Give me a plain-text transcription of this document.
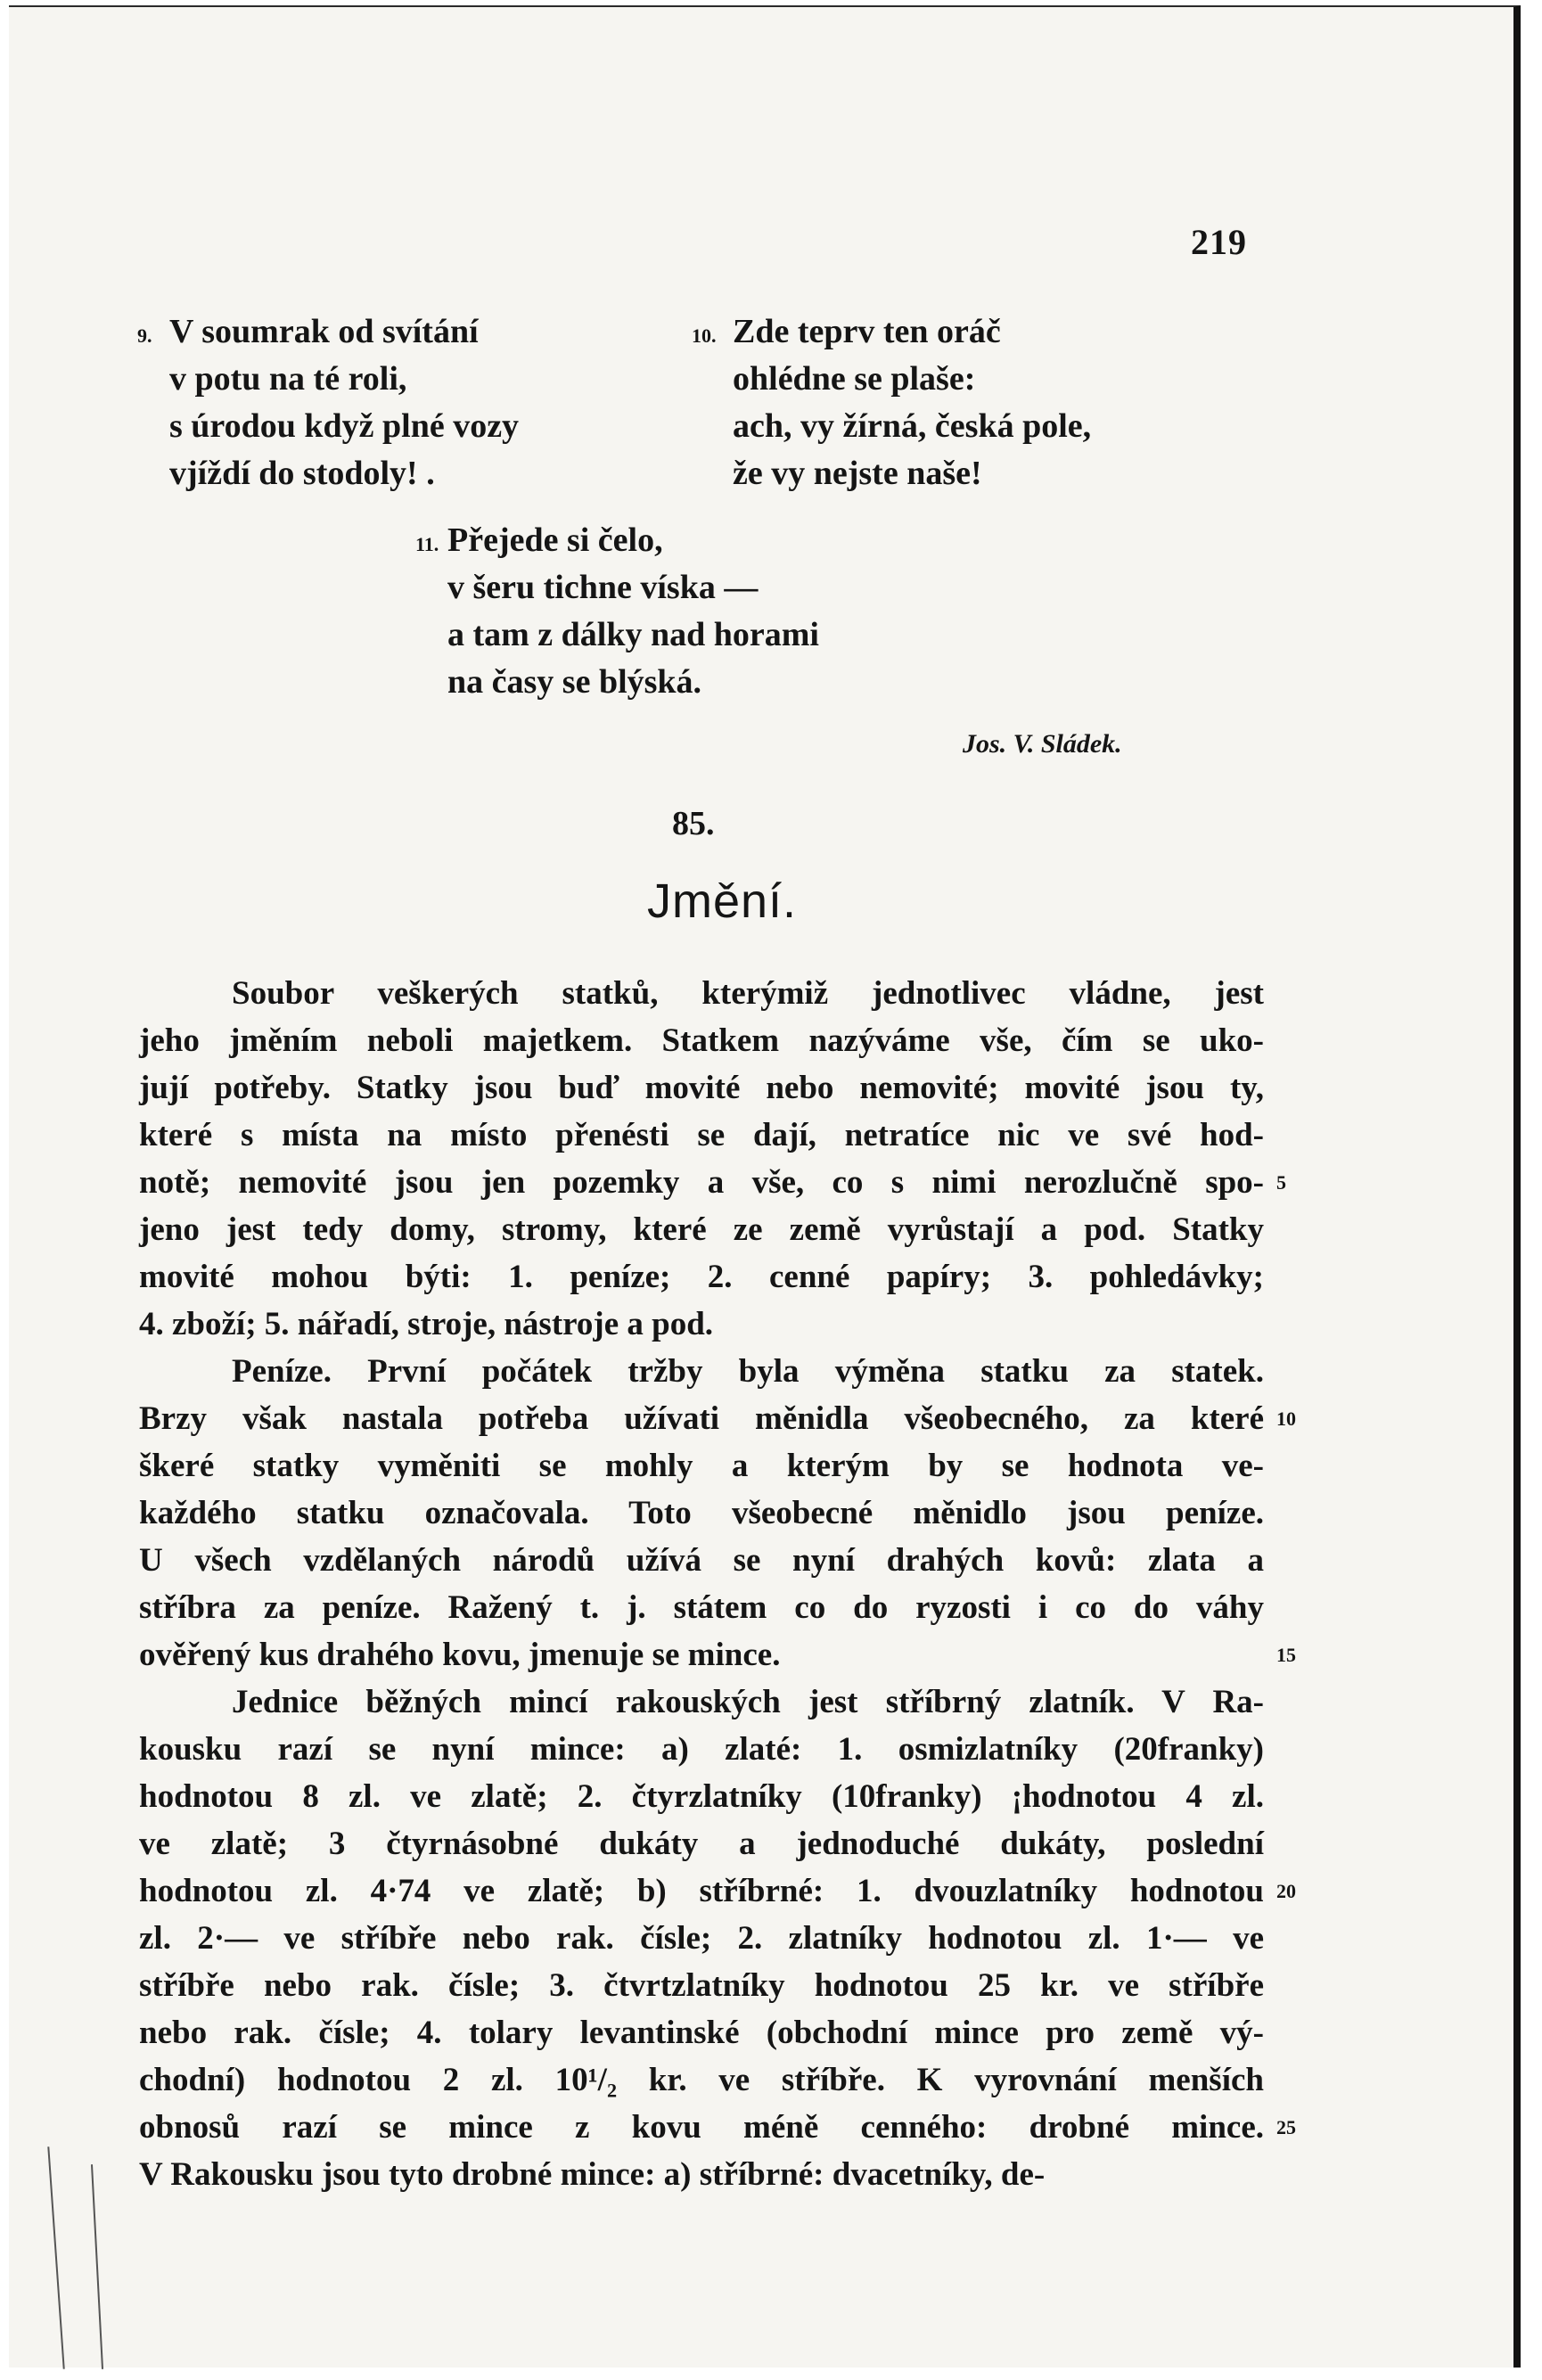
219
9. V soumrak od svítání
v potu na té roli,
s úrodou když plné vozy
vjíždí do stodoly! .
10. Zde teprv ten oráč
ohlédne se plaše:
ach, vy žírná, česká pole,
že vy nejste naše!
11. Přejede si čelo,
v šeru tichne víska —
a tam z dálky nad horami
na časy se blýská.
Jos. V. Sládek.
85.
Jmění.
Soubor veškerých statků, kterýmiž jednotlivec vládne, jest
jeho jměním neboli majetkem. Statkem nazýváme vše, čím se uko-
jují potřeby. Statky jsou buď movité nebo nemovité; movité jsou ty,
které s místa na místo přenésti se dají, netratíce nic ve své hod-
notě; nemovité jsou jen pozemky a vše, co s nimi nerozlučně spo-
jeno jest tedy domy, stromy, které ze země vyrůstají a pod. Statky
movité mohou býti: 1. peníze; 2. cenné papíry; 3. pohledávky;
4. zboží; 5. nářadí, stroje, nástroje a pod.
Peníze. První počátek tržby byla výměna statku za statek.
Brzy však nastala potřeba užívati měnidla všeobecného, za které
škeré statky vyměniti se mohly a kterým by se hodnota ve-
každého statku označovala. Toto všeobecné měnidlo jsou peníze.
U všech vzdělaných národů užívá se nyní drahých kovů: zlata a
stříbra za peníze. Ražený t. j. státem co do ryzosti i co do váhy
ověřený kus drahého kovu, jmenuje se mince.
Jednice běžných mincí rakouských jest stříbrný zlatník. V Ra-
kousku razí se nyní mince: a) zlaté: 1. osmizlatníky (20franky)
hodnotou 8 zl. ve zlatě; 2. čtyrzlatníky (10franky) ¡hodnotou 4 zl.
ve zlatě; 3 čtyrnásobné dukáty a jednoduché dukáty, poslední
hodnotou zl. 4·74 ve zlatě; b) stříbrné: 1. dvouzlatníky hodnotou
zl. 2·— ve stříbře nebo rak. čísle; 2. zlatníky hodnotou zl. 1·— ve
stříbře nebo rak. čísle; 3. čtvrtzlatníky hodnotou 25 kr. ve stříbře
nebo rak. čísle; 4. tolary levantinské (obchodní mince pro země vý-
chodní) hodnotou 2 zl. 10¹/₂ kr. ve stříbře. K vyrovnání menších
obnosů razí se mince z kovu méně cenného: drobné mince.
V Rakousku jsou tyto drobné mince: a) stříbrné: dvacetníky, de-
5
10
15
20
25
